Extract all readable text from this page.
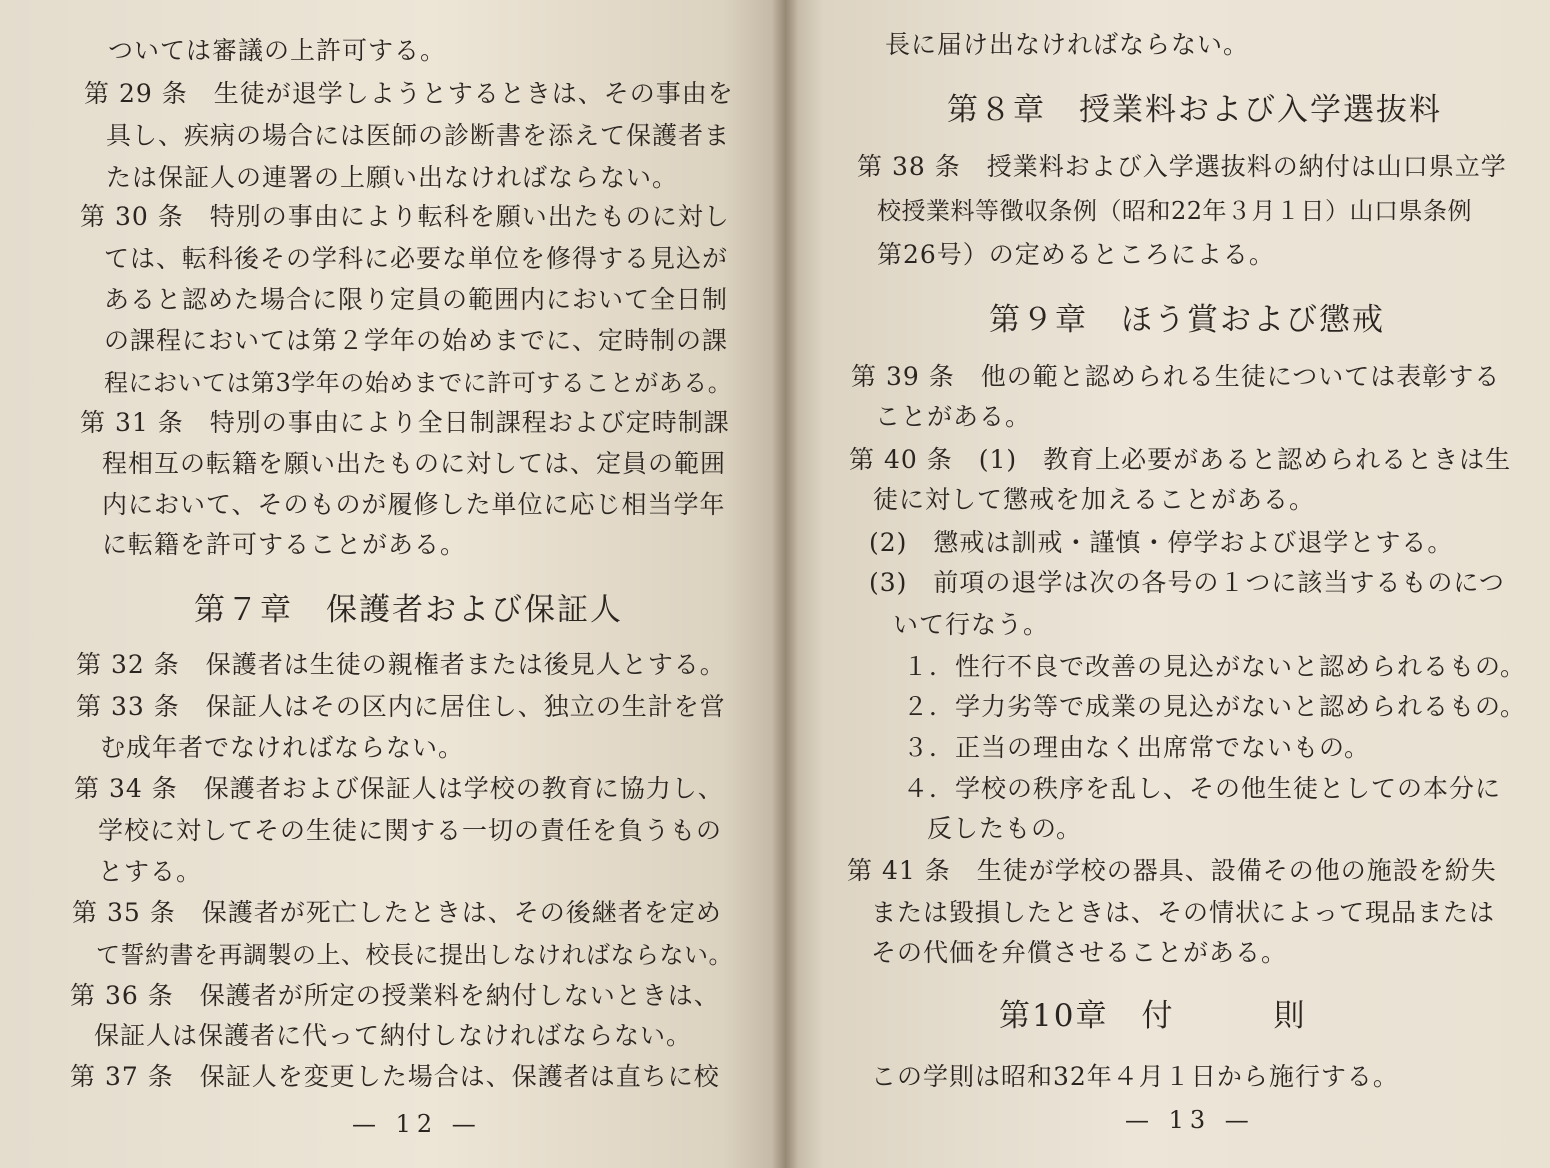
ついては審議の上許可する。
第 29 条　生徒が退学しようとするときは、その事由を
具し、疾病の場合には医師の診断書を添えて保護者ま
たは保証人の連署の上願い出なければならない。
第 30 条　特別の事由により転科を願い出たものに対し
ては、転科後その学科に必要な単位を修得する見込が
あると認めた場合に限り定員の範囲内において全日制
の課程においては第２学年の始めまでに、定時制の課
程においては第3学年の始めまでに許可することがある。
第 31 条　特別の事由により全日制課程および定時制課
程相互の転籍を願い出たものに対しては、定員の範囲
内において、そのものが履修した単位に応じ相当学年
に転籍を許可することがある。
第７章　保護者および保証人
第 32 条　保護者は生徒の親権者または後見人とする。
第 33 条　保証人はその区内に居住し、独立の生計を営
む成年者でなければならない。
第 34 条　保護者および保証人は学校の教育に協力し、
学校に対してその生徒に関する一切の責任を負うもの
とする。
第 35 条　保護者が死亡したときは、その後継者を定め
て誓約書を再調製の上、校長に提出しなければならない。
第 36 条　保護者が所定の授業料を納付しないときは、
保証人は保護者に代って納付しなければならない。
第 37 条　保証人を変更した場合は、保護者は直ちに校
— 12 —
長に届け出なければならない。
第８章　授業料および入学選抜料
第 38 条　授業料および入学選抜料の納付は山口県立学
校授業料等徴収条例（昭和22年３月１日）山口県条例
第26号）の定めるところによる。
第９章　ほう賞および懲戒
第 39 条　他の範と認められる生徒については表彰する
ことがある。
第 40 条　(1)　教育上必要があると認められるときは生
徒に対して懲戒を加えることがある。
(2)　懲戒は訓戒・謹慎・停学および退学とする。
(3)　前項の退学は次の各号の１つに該当するものにつ
いて行なう。
１．性行不良で改善の見込がないと認められるもの。
２．学力劣等で成業の見込がないと認められるもの。
３．正当の理由なく出席常でないもの。
４．学校の秩序を乱し、その他生徒としての本分に
反したもの。
第 41 条　生徒が学校の器具、設備その他の施設を紛失
または毀損したときは、その情状によって現品または
その代価を弁償させることがある。
第10章　付　　　則
この学則は昭和32年４月１日から施行する。
— 13 —
